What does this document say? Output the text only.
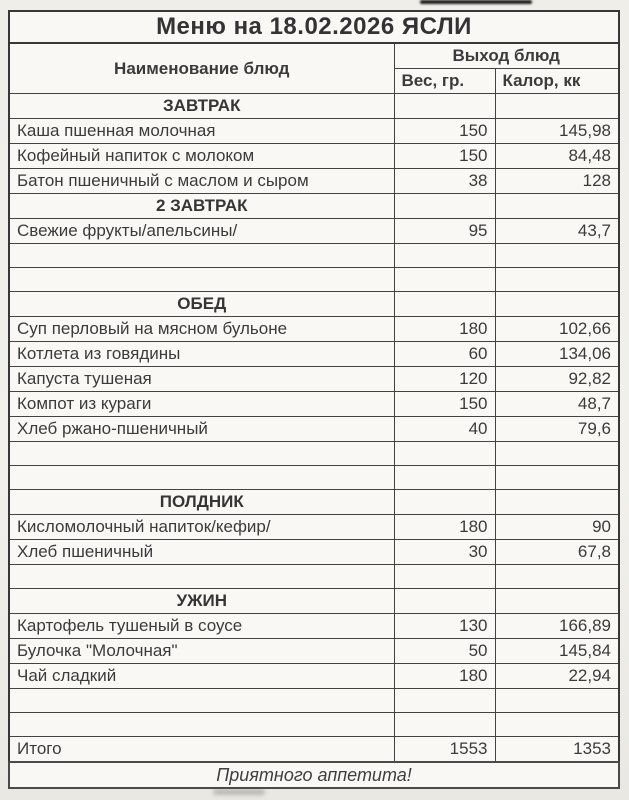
Меню на 18.02.2026 ЯСЛИ		
Наименование блюд	Выход блюд	
	Вес, гр.	Калор, кк
ЗАВТРАК		
Каша пшенная молочная	150	145,98
Кофейный напиток с молоком	150	84,48
Батон пшеничный с маслом и сыром	38	128
2 ЗАВТРАК		
Свежие фрукты/апельсины/	95	43,7

ОБЕД		
Суп перловый на мясном бульоне	180	102,66
Котлета из говядины	60	134,06
Капуста тушеная	120	92,82
Компот из кураги	150	48,7
Хлеб ржано-пшеничный	40	79,6

ПОЛДНИК		
Кисломолочный напиток/кефир/	180	90
Хлеб пшеничный	30	67,8

УЖИН		
Картофель тушеный в соусе	130	166,89
Булочка "Молочная"	50	145,84
Чай сладкий	180	22,94

Итого	1553	1353
Приятного аппетита!		
